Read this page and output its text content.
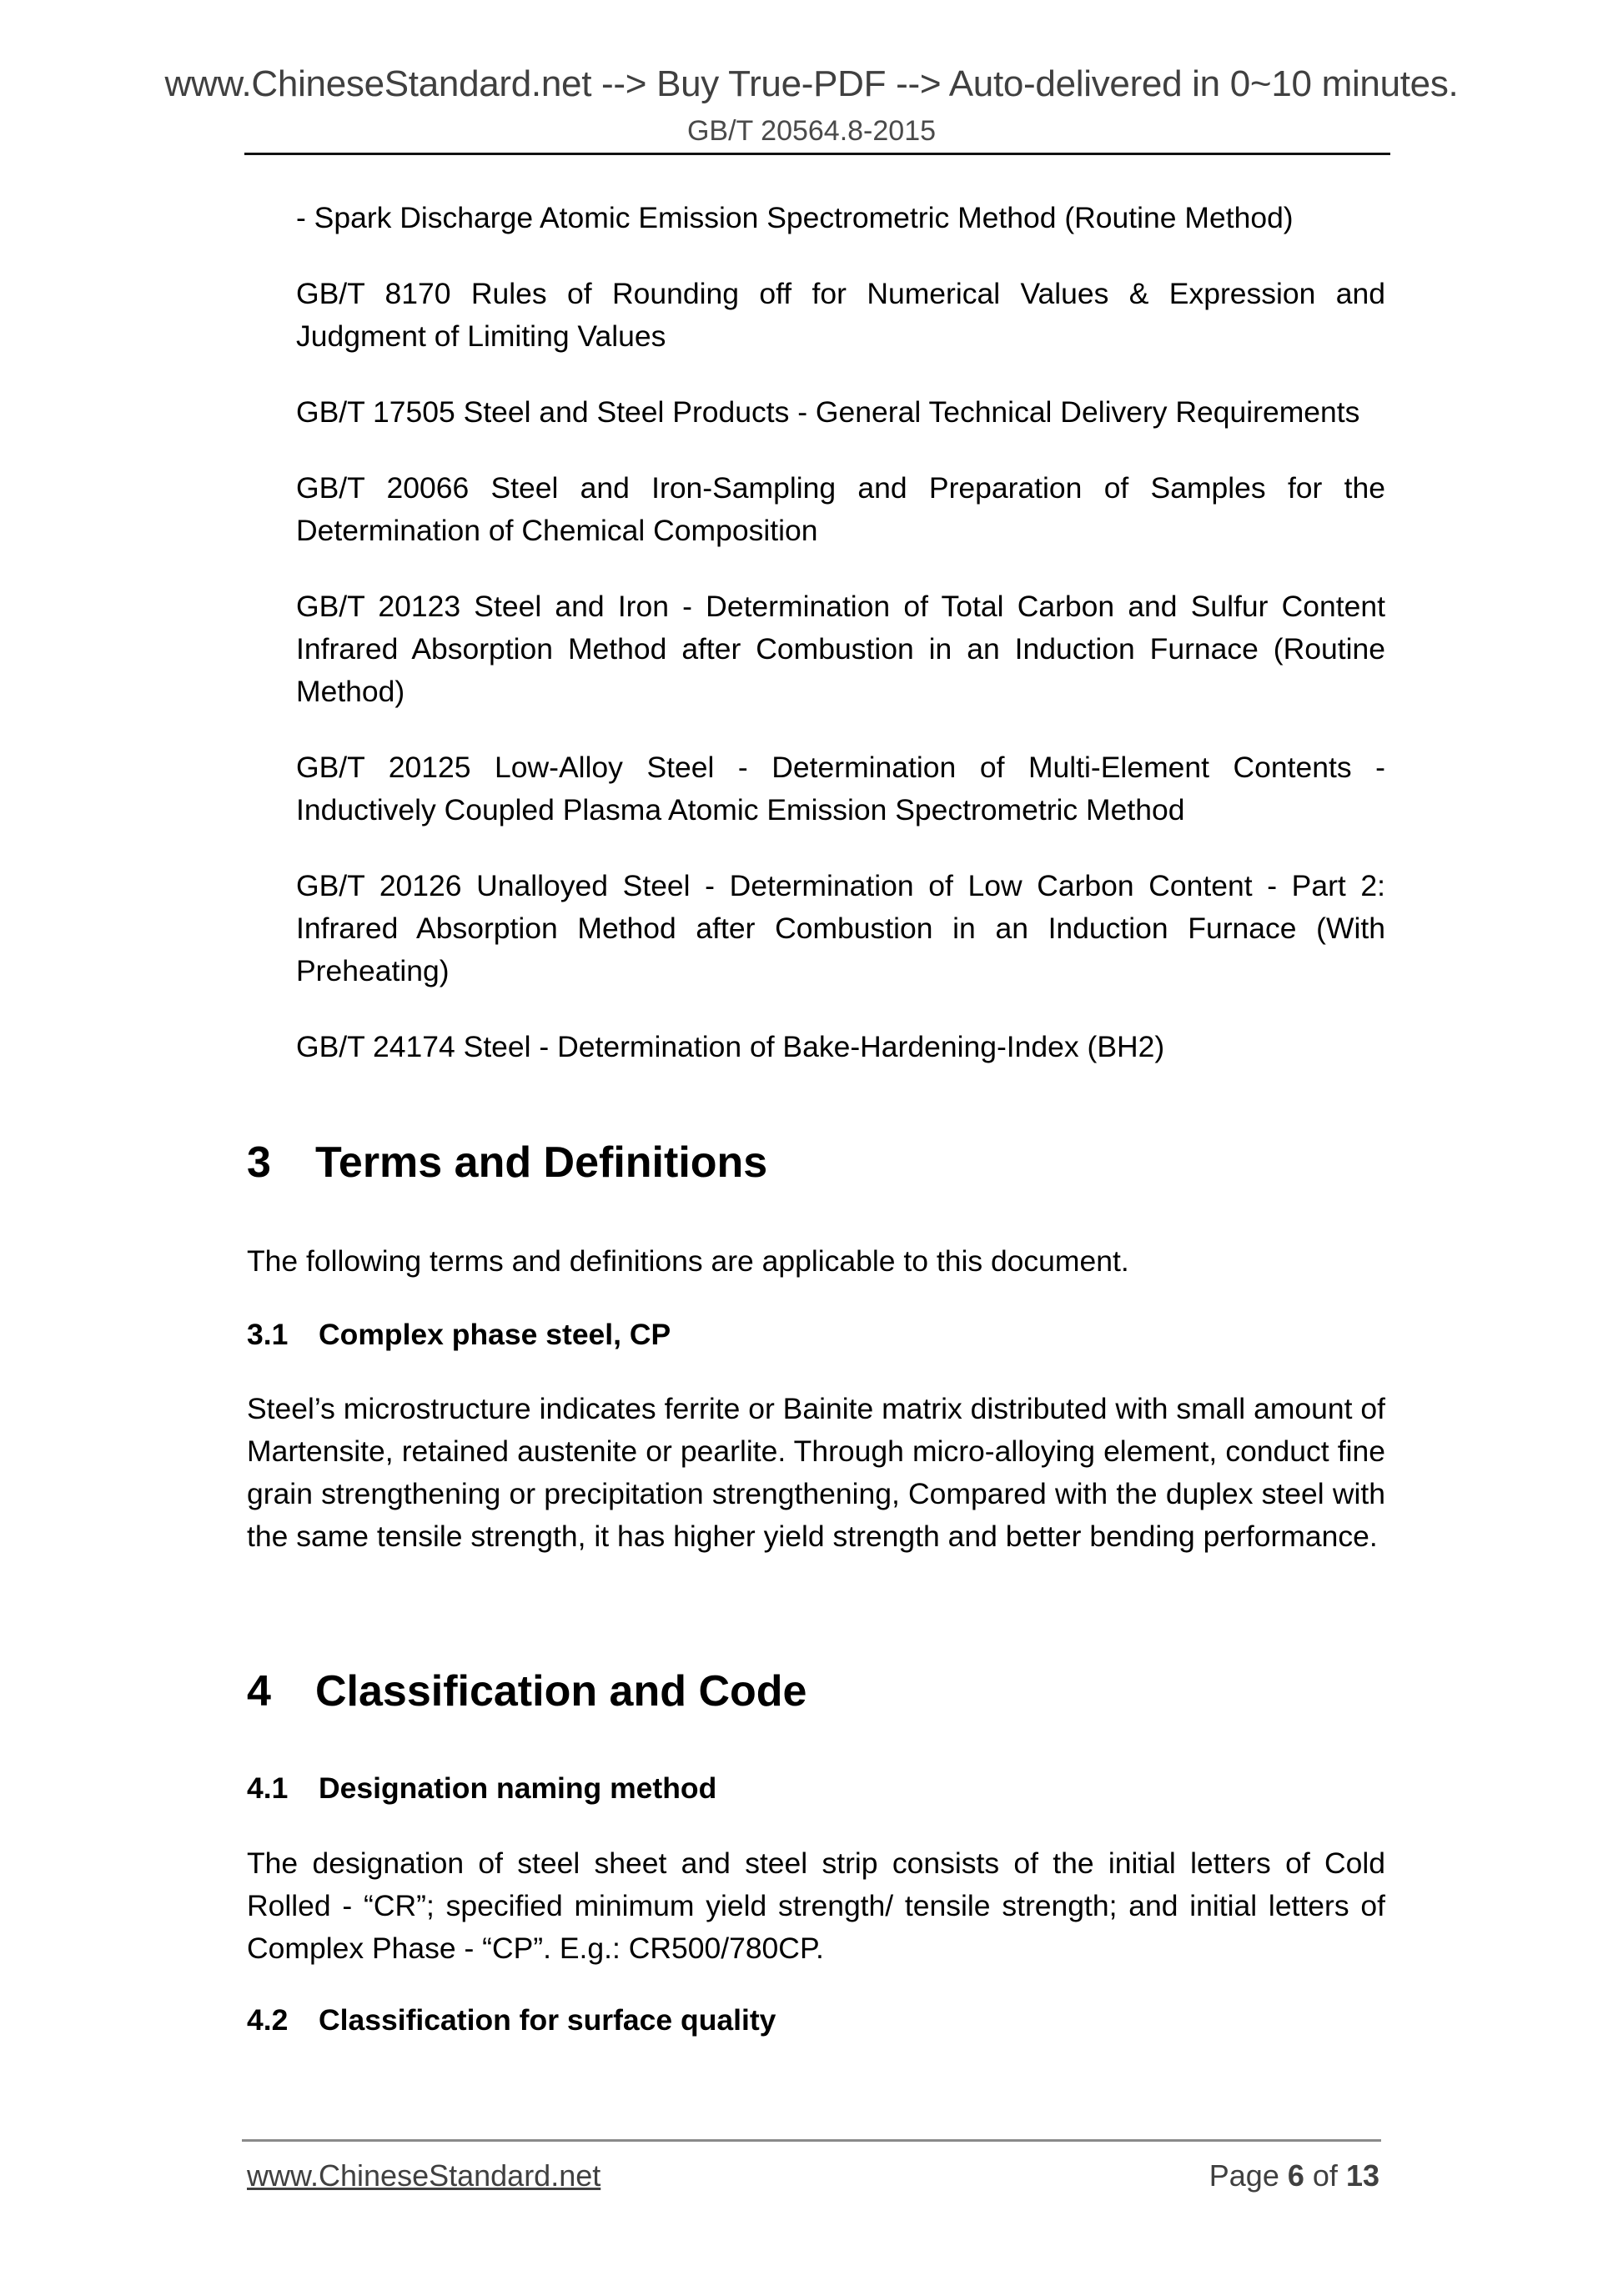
www.ChineseStandard.net --> Buy True-PDF --> Auto-delivered in 0~10 minutes.
GB/T 20564.8-2015

- Spark Discharge Atomic Emission Spectrometric Method (Routine Method)

GB/T 8170 Rules of Rounding off for Numerical Values & Expression and Judgment of Limiting Values

GB/T 17505 Steel and Steel Products - General Technical Delivery Requirements

GB/T 20066 Steel and Iron-Sampling and Preparation of Samples for the Determination of Chemical Composition

GB/T 20123 Steel and Iron - Determination of Total Carbon and Sulfur Content Infrared Absorption Method after Combustion in an Induction Furnace (Routine Method)

GB/T 20125 Low-Alloy Steel - Determination of Multi-Element Contents - Inductively Coupled Plasma Atomic Emission Spectrometric Method

GB/T 20126 Unalloyed Steel - Determination of Low Carbon Content - Part 2: Infrared Absorption Method after Combustion in an Induction Furnace (With Preheating)

GB/T 24174 Steel - Determination of Bake-Hardening-Index (BH2)

3	Terms and Definitions

The following terms and definitions are applicable to this document.

3.1	Complex phase steel, CP

Steel’s microstructure indicates ferrite or Bainite matrix distributed with small amount of Martensite, retained austenite or pearlite. Through micro-alloying element, conduct fine grain strengthening or precipitation strengthening, Compared with the duplex steel with the same tensile strength, it has higher yield strength and better bending performance.

4	Classification and Code
4.1	Designation naming method

The designation of steel sheet and steel strip consists of the initial letters of Cold Rolled - “CR”; specified minimum yield strength/ tensile strength; and initial letters of Complex Phase - “CP”. E.g.: CR500/780CP.

4.2	Classification for surface quality
www.ChineseStandard.net	Page 6 of 13
